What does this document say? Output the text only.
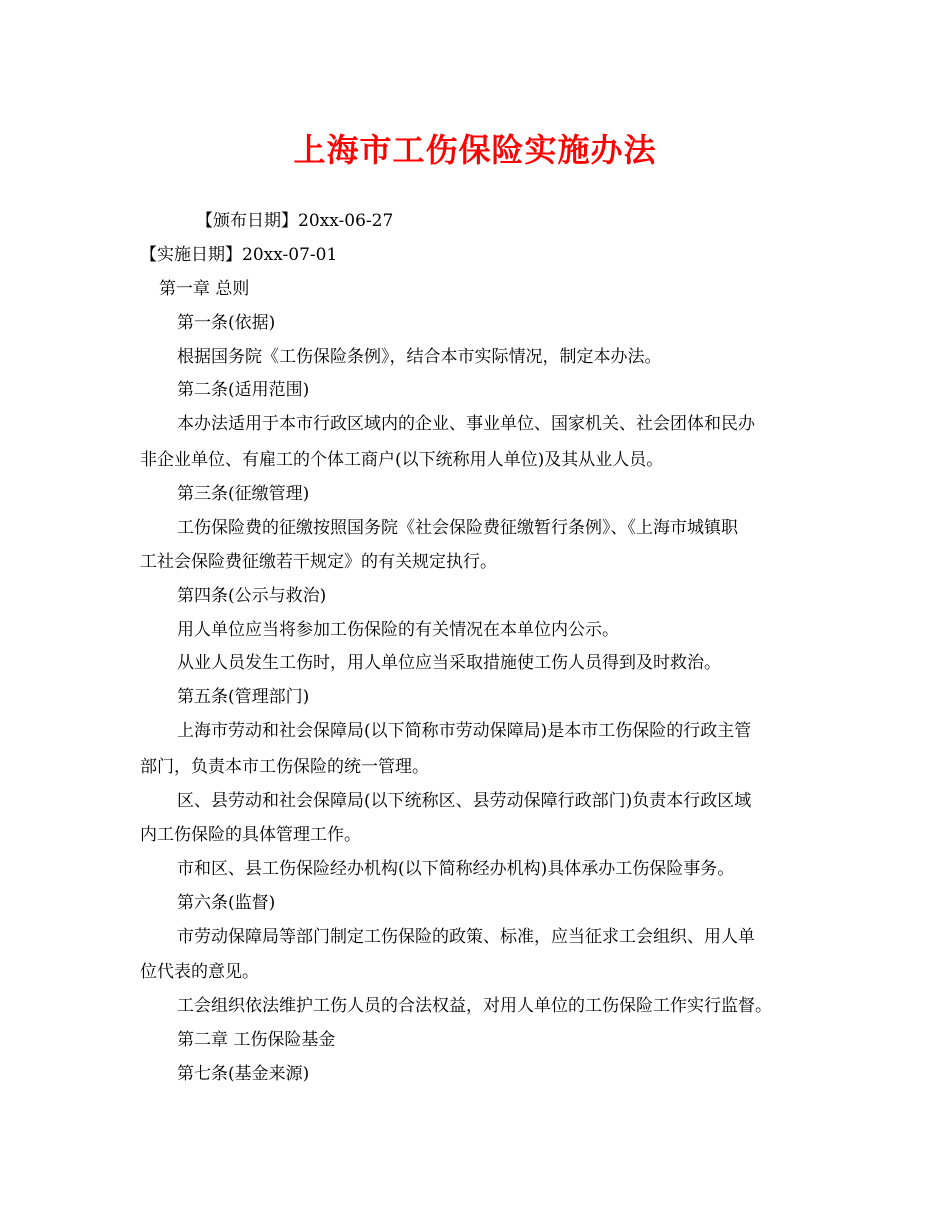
上海市工伤保险实施办法
【颁布日期】20xx-06-27
【实施日期】20xx-07-01
第一章 总则
第一条(依据)
根据国务院《工伤保险条例》，结合本市实际情况，制定本办法。
第二条(适用范围)
本办法适用于本市行政区域内的企业、事业单位、国家机关、社会团体和民办
非企业单位、有雇工的个体工商户(以下统称用人单位)及其从业人员。
第三条(征缴管理)
工伤保险费的征缴按照国务院《社会保险费征缴暂行条例》、《上海市城镇职
工社会保险费征缴若干规定》的有关规定执行。
第四条(公示与救治)
用人单位应当将参加工伤保险的有关情况在本单位内公示。
从业人员发生工伤时，用人单位应当采取措施使工伤人员得到及时救治。
第五条(管理部门)
上海市劳动和社会保障局(以下简称市劳动保障局)是本市工伤保险的行政主管
部门，负责本市工伤保险的统一管理。
区、县劳动和社会保障局(以下统称区、县劳动保障行政部门)负责本行政区域
内工伤保险的具体管理工作。
市和区、县工伤保险经办机构(以下简称经办机构)具体承办工伤保险事务。
第六条(监督)
市劳动保障局等部门制定工伤保险的政策、标准，应当征求工会组织、用人单
位代表的意见。
工会组织依法维护工伤人员的合法权益，对用人单位的工伤保险工作实行监督。
第二章 工伤保险基金
第七条(基金来源)
